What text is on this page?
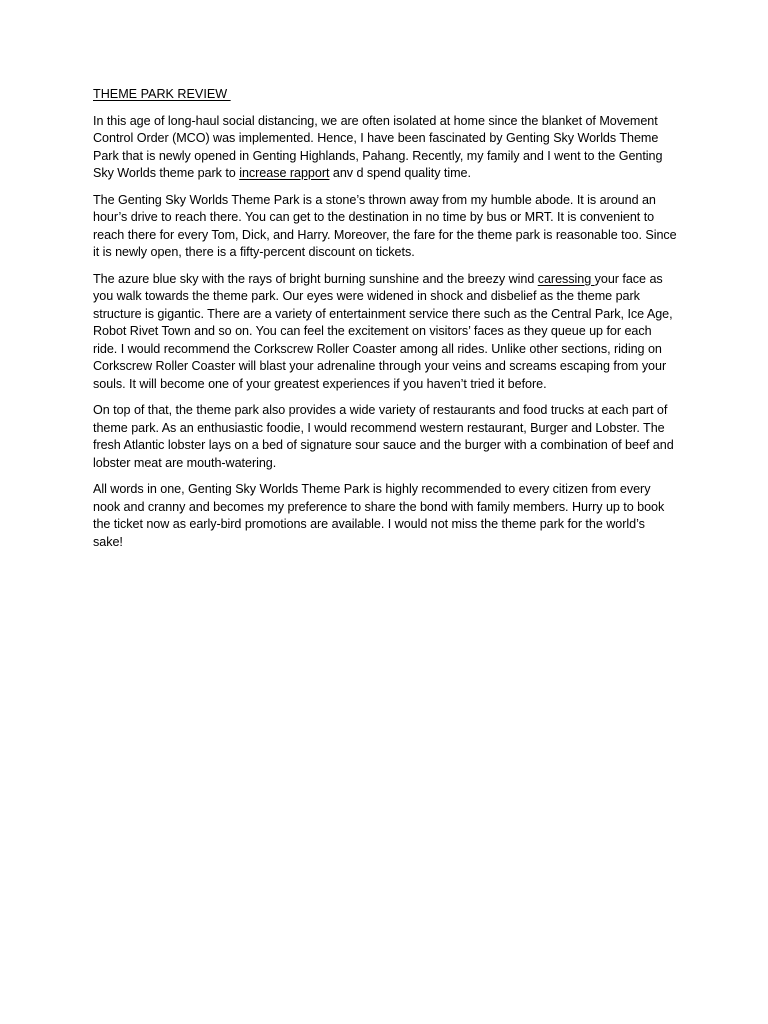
THEME PARK REVIEW

In this age of long-haul social distancing, we are often isolated at home since the blanket of Movement Control Order (MCO) was implemented. Hence, I have been fascinated by Genting Sky Worlds Theme Park that is newly opened in Genting Highlands, Pahang. Recently, my family and I went to the Genting Sky Worlds theme park to increase rapport anv d spend quality time.

The Genting Sky Worlds Theme Park is a stone’s thrown away from my humble abode. It is around an hour’s drive to reach there. You can get to the destination in no time by bus or MRT. It is convenient to reach there for every Tom, Dick, and Harry. Moreover, the fare for the theme park is reasonable too. Since it is newly open, there is a fifty-percent discount on tickets.

The azure blue sky with the rays of bright burning sunshine and the breezy wind caressing your face as you walk towards the theme park. Our eyes were widened in shock and disbelief as the theme park structure is gigantic. There are a variety of entertainment service there such as the Central Park, Ice Age, Robot Rivet Town and so on. You can feel the excitement on visitors’ faces as they queue up for each ride. I would recommend the Corkscrew Roller Coaster among all rides. Unlike other sections, riding on Corkscrew Roller Coaster will blast your adrenaline through your veins and screams escaping from your souls. It will become one of your greatest experiences if you haven’t tried it before.

On top of that, the theme park also provides a wide variety of restaurants and food trucks at each part of theme park. As an enthusiastic foodie, I would recommend western restaurant, Burger and Lobster. The fresh Atlantic lobster lays on a bed of signature sour sauce and the burger with a combination of beef and lobster meat are mouth-watering.

All words in one, Genting Sky Worlds Theme Park is highly recommended to every citizen from every nook and cranny and becomes my preference to share the bond with family members. Hurry up to book the ticket now as early-bird promotions are available. I would not miss the theme park for the world’s sake!
